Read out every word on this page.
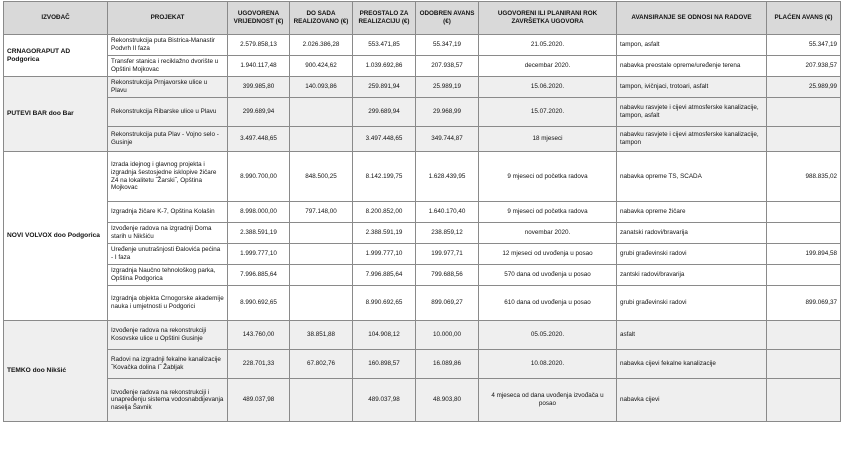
IZVOĐAČ	PROJEKAT	UGOVORENA VRIJEDNOST (€)	DO SADA REALIZOVANO (€)	PREOSTALO ZA REALIZACIJU (€)	ODOBREN AVANS (€)	UGOVORENI ILI PLANIRANI ROK ZAVRŠETKA UGOVORA	AVANSIRANJE SE ODNOSI NA RADOVE	PLAĆEN AVANS (€)
CRNAGORAPUT AD Podgorica	Rekonstrukcija puta Bistrica-Manastir Podvrh II faza	2.579.858,13	2.026.386,28	553.471,85	55.347,19	21.05.2020.	tampon, asfalt	55.347,19
	Transfer stanica i reciklažno dvorište u Opštini Mojkovac	1.940.117,48	900.424,62	1.039.692,86	207.938,57	decembar 2020.	nabavka preostale opreme/uređenje terena	207.938,57
PUTEVI BAR doo Bar	Rekonstrukcija Prnjavorske ulice u Plavu	399.985,80	140.093,86	259.891,94	25.989,19	15.06.2020.	tampon, ivičnjaci, trotoari, asfalt	25.989,99
	Rekonstrukcija Ribarske ulice u Plavu	299.689,94		299.689,94	29.968,99	15.07.2020.	nabavku rasvjete i cijevi atmosferske kanalizacije, tampon, asfalt	
	Rekonstrukcija puta Plav - Vojno selo - Gusinje	3.497.448,65		3.497.448,65	349.744,87	18 mjeseci	nabavku rasvjete i cijevi atmosferske kanalizacije, tampon	
NOVI VOLVOX doo Podgorica	Izrada idejnog i glavnog projekta i izgradnja šestosjedne isklopive žičare Z4 na lokalitetu ˝Žarski˝, Opština Mojkovac	8.990.700,00	848.500,25	8.142.199,75	1.628.439,95	9 mjeseci od početka radova	nabavka opreme TS, SCADA	988.835,02
	Izgradnja žičare K-7, Opština Kolašin	8.998.000,00	797.148,00	8.200.852,00	1.640.170,40	9 mjeseci od početka radova	nabavka opreme žičare	
	Izvođenje radova na izgradnji Doma starih u Nikšiću	2.388.591,19		2.388.591,19	238.859,12	novembar 2020.	zanatski radovi/bravarija	
	Uređenje unutrašnjosti Đalovića pećina - I faza	1.999.777,10		1.999.777,10	199.977,71	12 mjeseci od uvođenja u posao	grubi građevinski radovi	199.894,58
	Izgradnja Naučno tehnološkog parka, Opština Podgorica	7.996.885,64		7.996.885,64	799.688,56	570 dana od uvođenja u posao	zantski radovi/bravarija	
	Izgradnja objekta Crnogorske akademije nauka i umjetnosti u Podgorici	8.990.692,65		8.990.692,65	899.069,27	610 dana od uvođenja u posao	grubi građevinski radovi	899.069,37
TEMKO doo Nikšić	Izvođenje radova na rekonstrukciji Kosovske ulice u Opštini Gusinje	143.760,00	38.851,88	104.908,12	10.000,00	05.05.2020.	asfalt	
	Radovi na izgradnji fekalne kanalizacije ˝Kovačka dolina I˝ Žabljak	228.701,33	67.802,76	160.898,57	16.089,86	10.08.2020.	nabavka cijevi fekalne kanalizacije	
	Izvođenje radova na rekonstrukciji i unapređenju sistema vodosnabdijevanja naselja Šavnik	489.037,98		489.037,98	48.903,80	4 mjeseca od dana uvođenja izvođača u posao	nabavka cijevi	
